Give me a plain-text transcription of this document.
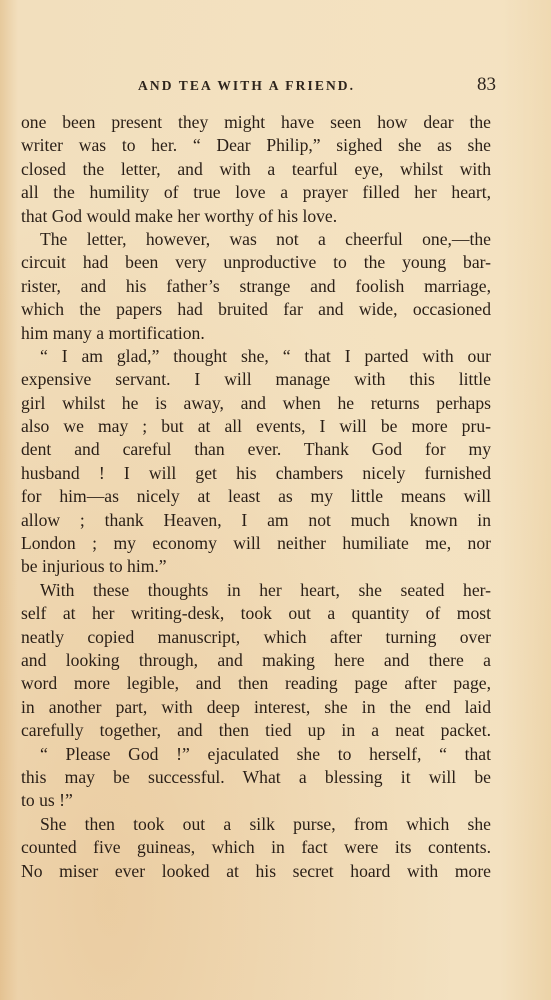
AND TEA WITH A FRIEND.	83
one been present they might have seen how dear the
writer was to her. “ Dear Philip,” sighed she as she
closed the letter, and with a tearful eye, whilst with
all the humility of true love a prayer filled her heart,
that God would make her worthy of his love.
The letter, however, was not a cheerful one,—the
circuit had been very unproductive to the young bar-
rister, and his father’s strange and foolish marriage,
which the papers had bruited far and wide, occasioned
him many a mortification.
“ I am glad,” thought she, “ that I parted with our
expensive servant. I will manage with this little
girl whilst he is away, and when he returns perhaps
also we may ; but at all events, I will be more pru-
dent and careful than ever. Thank God for my
husband ! I will get his chambers nicely furnished
for him—as nicely at least as my little means will
allow ; thank Heaven, I am not much known in
London ; my economy will neither humiliate me, nor
be injurious to him.”
With these thoughts in her heart, she seated her-
self at her writing-desk, took out a quantity of most
neatly copied manuscript, which after turning over
and looking through, and making here and there a
word more legible, and then reading page after page,
in another part, with deep interest, she in the end laid
carefully together, and then tied up in a neat packet.
“ Please God !” ejaculated she to herself, “ that
this may be successful. What a blessing it will be
to us !”
She then took out a silk purse, from which she
counted five guineas, which in fact were its contents.
No miser ever looked at his secret hoard with more
